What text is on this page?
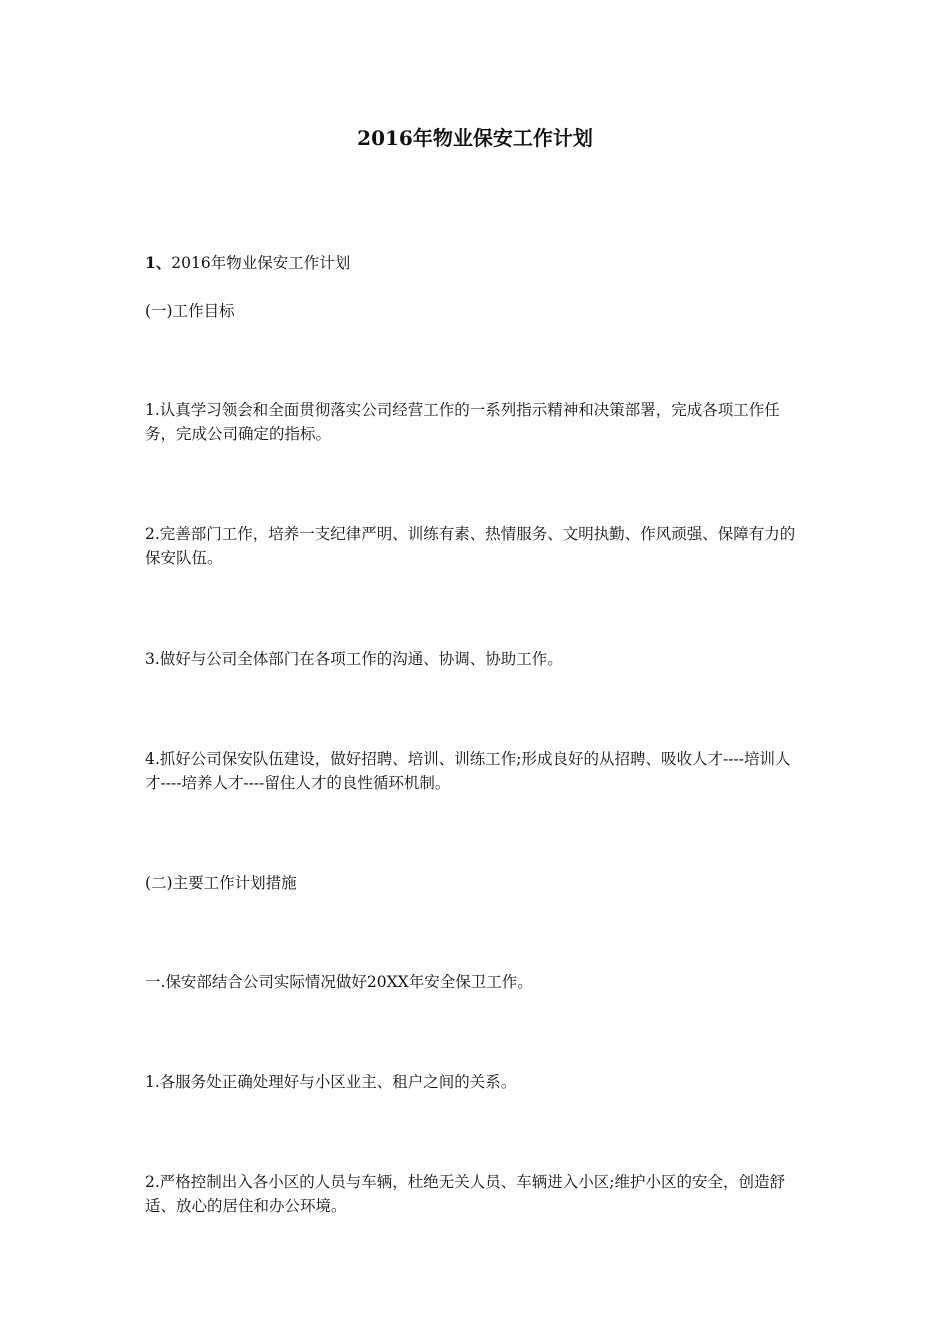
2016年物业保安工作计划

1、2016年物业保安工作计划

(一)工作目标

1.认真学习领会和全面贯彻落实公司经营工作的一系列指示精神和决策部署，完成各项工作任务，完成公司确定的指标。

2.完善部门工作，培养一支纪律严明、训练有素、热情服务、文明执勤、作风顽强、保障有力的保安队伍。

3.做好与公司全体部门在各项工作的沟通、协调、协助工作。

4.抓好公司保安队伍建设，做好招聘、培训、训练工作;形成良好的从招聘、吸收人才----培训人才----培养人才----留住人才的良性循环机制。

(二)主要工作计划措施

一.保安部结合公司实际情况做好20XX年安全保卫工作。

1.各服务处正确处理好与小区业主、租户之间的关系。

2.严格控制出入各小区的人员与车辆，杜绝无关人员、车辆进入小区;维护小区的安全，创造舒适、放心的居住和办公环境。
